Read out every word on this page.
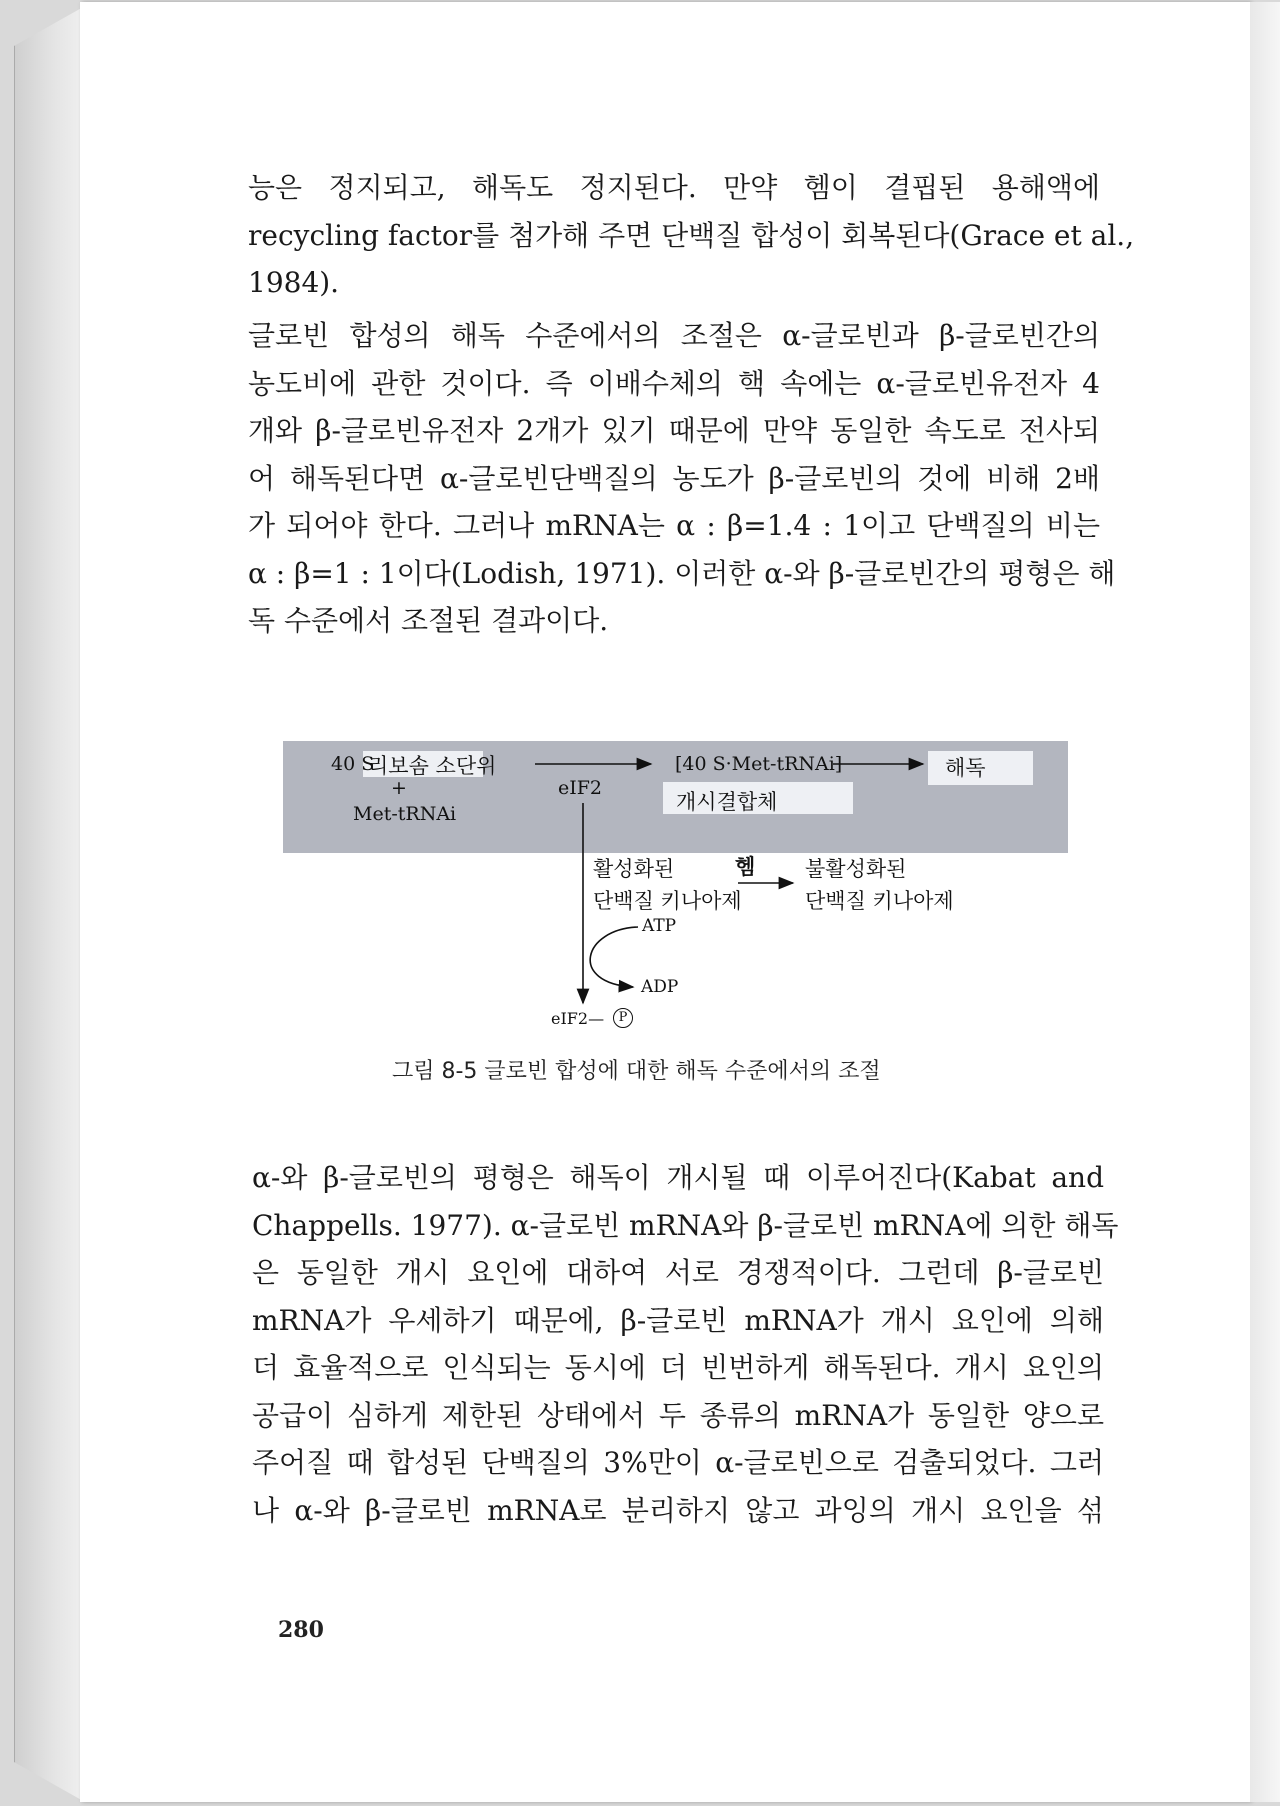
능은 정지되고, 해독도 정지된다. 만약 헴이 결핍된 용해액에
recycling factor를 첨가해 주면 단백질 합성이 회복된다(Grace et al.,
1984).
글로빈 합성의 해독 수준에서의 조절은 α-글로빈과 β-글로빈간의
농도비에 관한 것이다. 즉 이배수체의 핵 속에는 α-글로빈유전자 4
개와 β-글로빈유전자 2개가 있기 때문에 만약 동일한 속도로 전사되
어 해독된다면 α-글로빈단백질의 농도가 β-글로빈의 것에 비해 2배
가 되어야 한다. 그러나 mRNA는 α : β=1.4 : 1이고 단백질의 비는
α : β=1 : 1이다(Lodish, 1971). 이러한 α-와 β-글로빈간의 평형은 해
독 수준에서 조절된 결과이다.
40 S
리보솜 소단위
+
Met-tRNAi
eIF2
[40 S·Met-tRNAi]
개시결합체
해독
활성화된
단백질 키나아제
헴 불활성화된
단백질 키나아제
ATP
ADP
eIF2—	P
그림 8-5 글로빈 합성에 대한 해독 수준에서의 조절
α-와 β-글로빈의 평형은 해독이 개시될 때 이루어진다(Kabat and
Chappells. 1977). α-글로빈 mRNA와 β-글로빈 mRNA에 의한 해독
은 동일한 개시 요인에 대하여 서로 경쟁적이다. 그런데 β-글로빈
mRNA가 우세하기 때문에, β-글로빈 mRNA가 개시 요인에 의해
더 효율적으로 인식되는 동시에 더 빈번하게 해독된다. 개시 요인의
공급이 심하게 제한된 상태에서 두 종류의 mRNA가 동일한 양으로
주어질 때 합성된 단백질의 3%만이 α-글로빈으로 검출되었다. 그러
나 α-와 β-글로빈 mRNA로 분리하지 않고 과잉의 개시 요인을 섞
280
